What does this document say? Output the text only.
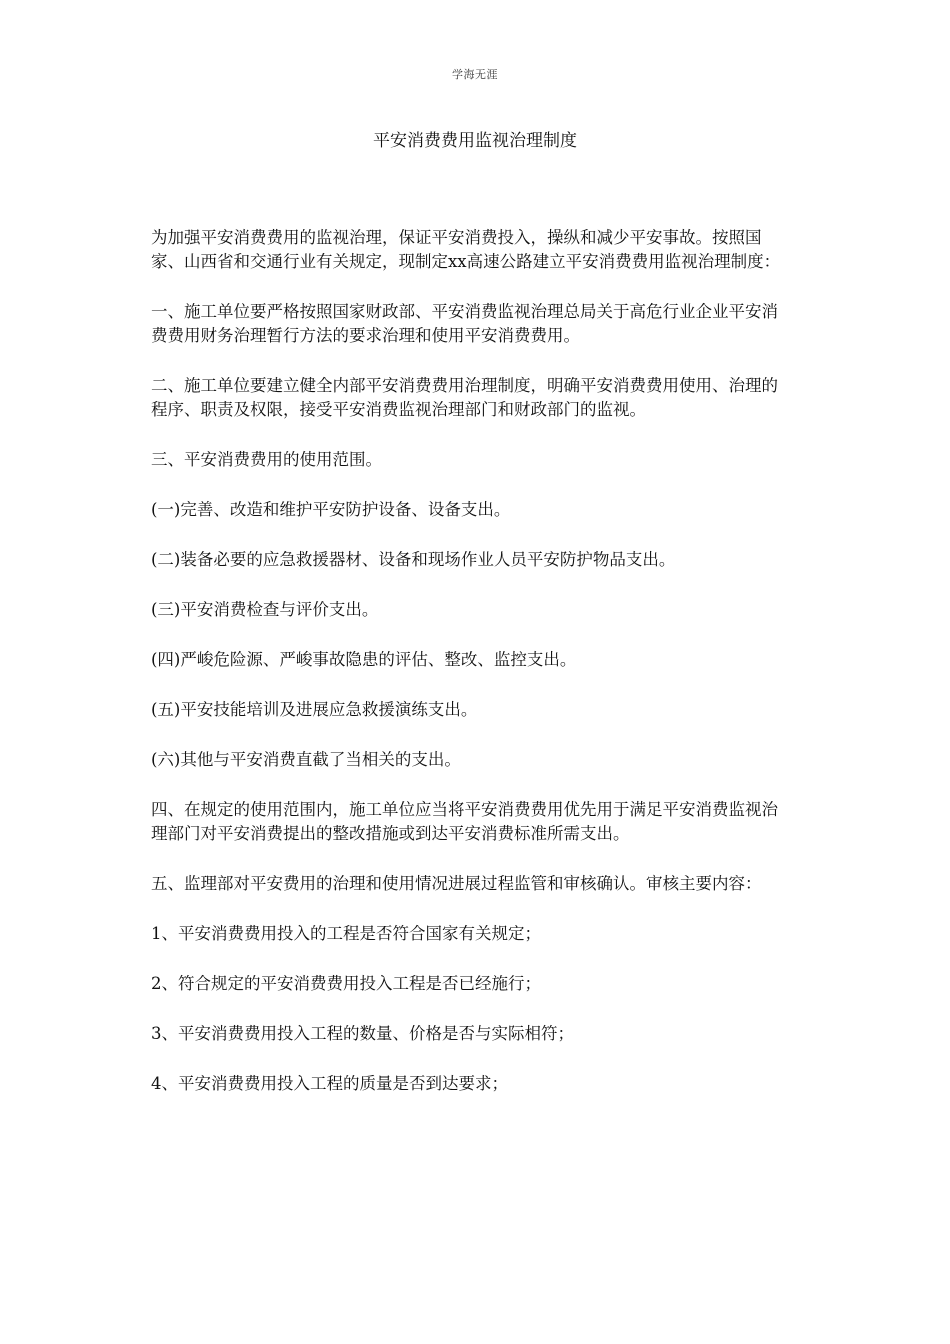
学海无涯
平安消费费用监视治理制度

为加强平安消费费用的监视治理，保证平安消费投入，操纵和减少平安事故。按照国家、山西省和交通行业有关规定，现制定xx高速公路建立平安消费费用监视治理制度：

一、施工单位要严格按照国家财政部、平安消费监视治理总局关于高危行业企业平安消费费用财务治理暂行方法的要求治理和使用平安消费费用。

二、施工单位要建立健全内部平安消费费用治理制度，明确平安消费费用使用、治理的程序、职责及权限，接受平安消费监视治理部门和财政部门的监视。

三、平安消费费用的使用范围。

(一)完善、改造和维护平安防护设备、设备支出。

(二)装备必要的应急救援器材、设备和现场作业人员平安防护物品支出。

(三)平安消费检查与评价支出。

(四)严峻危险源、严峻事故隐患的评估、整改、监控支出。

(五)平安技能培训及进展应急救援演练支出。

(六)其他与平安消费直截了当相关的支出。

四、在规定的使用范围内，施工单位应当将平安消费费用优先用于满足平安消费监视治理部门对平安消费提出的整改措施或到达平安消费标准所需支出。

五、监理部对平安费用的治理和使用情况进展过程监管和审核确认。审核主要内容：

1、平安消费费用投入的工程是否符合国家有关规定；

2、符合规定的平安消费费用投入工程是否已经施行；

3、平安消费费用投入工程的数量、价格是否与实际相符；

4、平安消费费用投入工程的质量是否到达要求；
